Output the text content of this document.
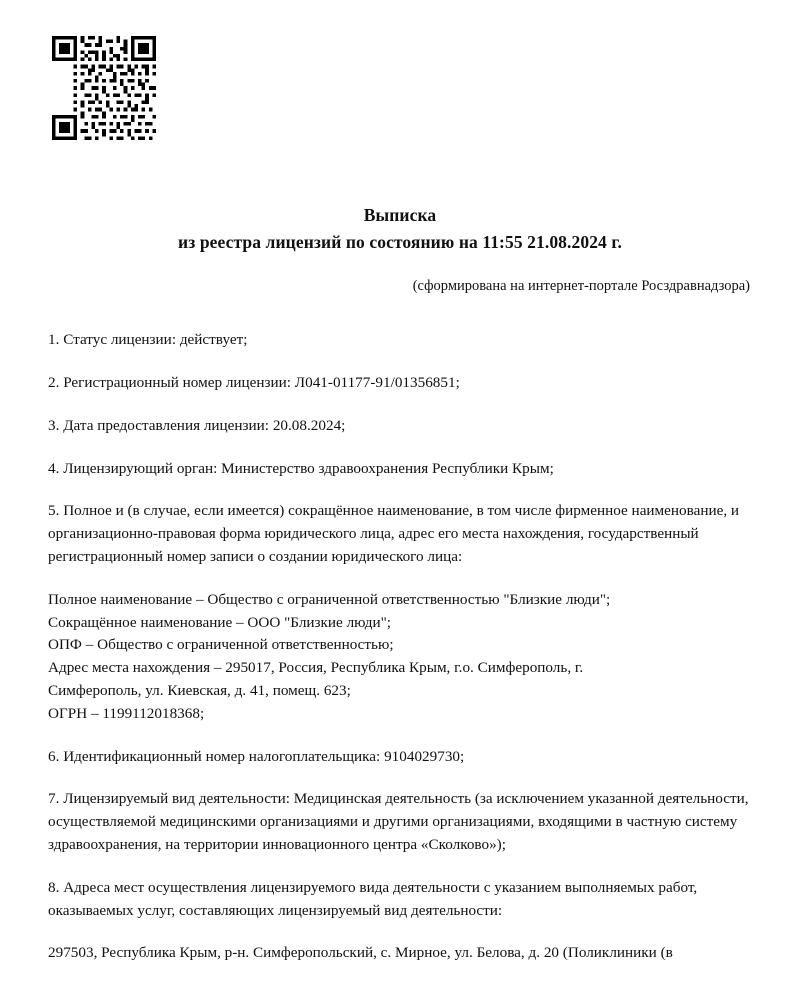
Выписка
из реестра лицензий по состоянию на 11:55 21.08.2024 г.
(сформирована на интернет-портале Росздравнадзора)

1. Статус лицензии: действует;

2. Регистрационный номер лицензии: Л041-01177-91/01356851;

3. Дата предоставления лицензии: 20.08.2024;

4. Лицензирующий орган: Министерство здравоохранения Республики Крым;

5. Полное и (в случае, если имеется) сокращённое наименование, в том числе фирменное наименование, и организационно-правовая форма юридического лица, адрес его места нахождения, государственный регистрационный номер записи о создании юридического лица:

Полное наименование – Общество с ограниченной ответственностью "Близкие люди";
Сокращённое наименование – ООО "Близкие люди";
ОПФ – Общество с ограниченной ответственностью;
Адрес места нахождения – 295017, Россия, Республика Крым, г.о. Симферополь, г.
Симферополь, ул. Киевская, д. 41, помещ. 623;
ОГРН – 1199112018368;

6. Идентификационный номер налогоплательщика: 9104029730;

7. Лицензируемый вид деятельности: Медицинская деятельность (за исключением указанной деятельности, осуществляемой медицинскими организациями и другими организациями, входящими в частную систему здравоохранения, на территории инновационного центра «Сколково»);

8. Адреса мест осуществления лицензируемого вида деятельности с указанием выполняемых работ, оказываемых услуг, составляющих лицензируемый вид деятельности:

297503, Республика Крым, р-н. Симферопольский, с. Мирное, ул. Белова, д. 20 (Поликлиники (в
